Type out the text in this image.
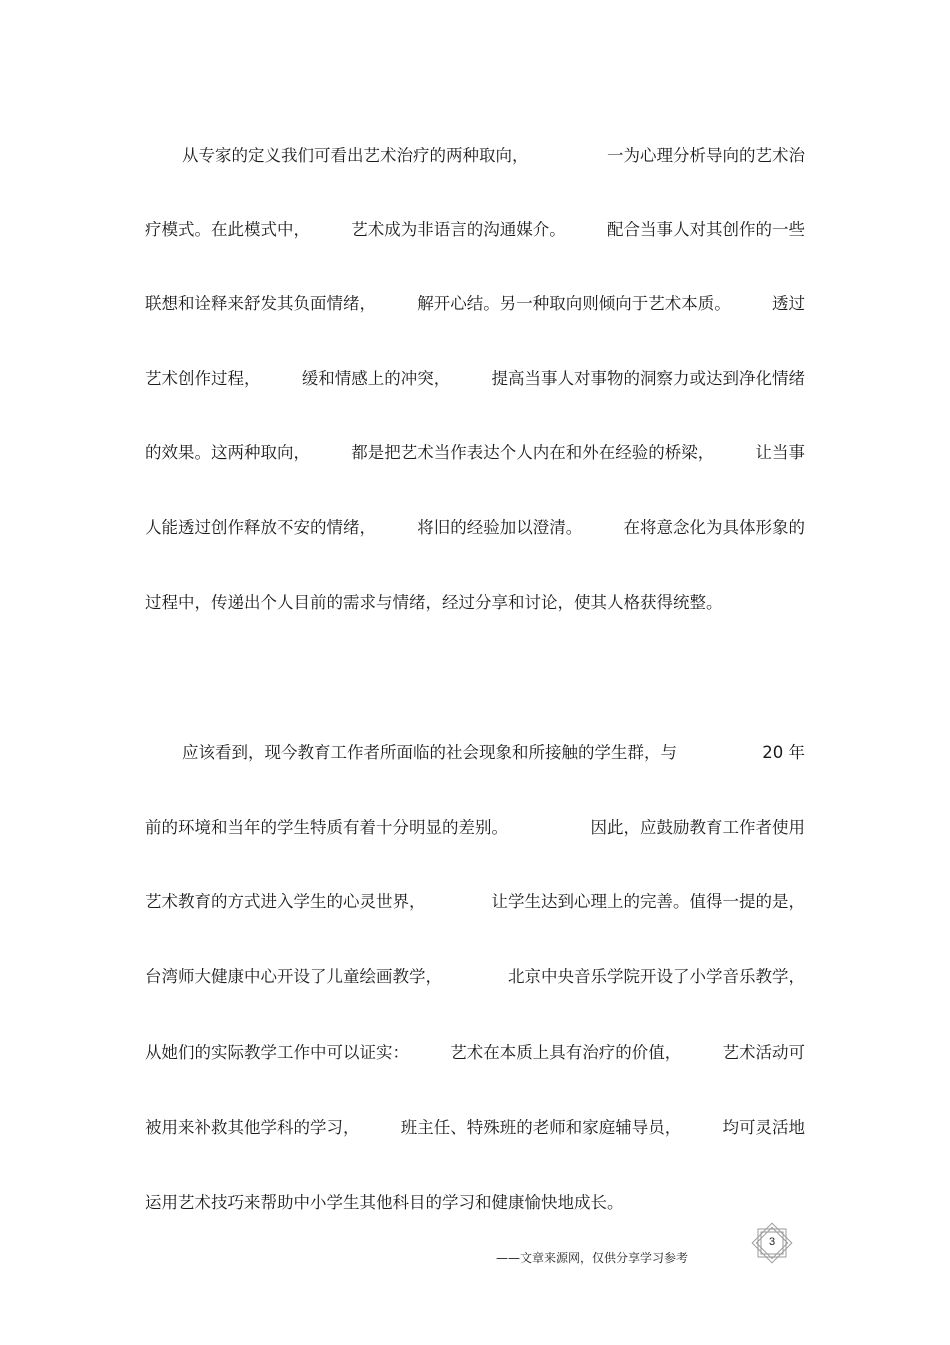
从专家的定义我们可看出艺术治疗的两种取向，	一为心理分析导向的艺术治
疗模式。在此模式中，	艺术成为非语言的沟通媒介。	配合当事人对其创作的一些
联想和诠释来舒发其负面情绪，	解开心结。另一种取向则倾向于艺术本质。	透过
艺术创作过程，	缓和情感上的冲突，	提高当事人对事物的洞察力或达到净化情绪
的效果。这两种取向，	都是把艺术当作表达个人内在和外在经验的桥梁，	让当事
人能透过创作释放不安的情绪，	将旧的经验加以澄清。	在将意念化为具体形象的
过程中，传递出个人目前的需求与情绪，经过分享和讨论，使其人格获得统整。
应该看到，现今教育工作者所面临的社会现象和所接触的学生群，与	20 年
前的环境和当年的学生特质有着十分明显的差别。	因此，应鼓励教育工作者使用
艺术教育的方式进入学生的心灵世界，	让学生达到心理上的完善。值得一提的是，
台湾师大健康中心开设了儿童绘画教学，	北京中央音乐学院开设了小学音乐教学，
从她们的实际教学工作中可以证实：	艺术在本质上具有治疗的价值，	艺术活动可
被用来补救其他学科的学习，	班主任、特殊班的老师和家庭辅导员，	均可灵活地
运用艺术技巧来帮助中小学生其他科目的学习和健康愉快地成长。
3
——文章来源网，仅供分享学习参考
